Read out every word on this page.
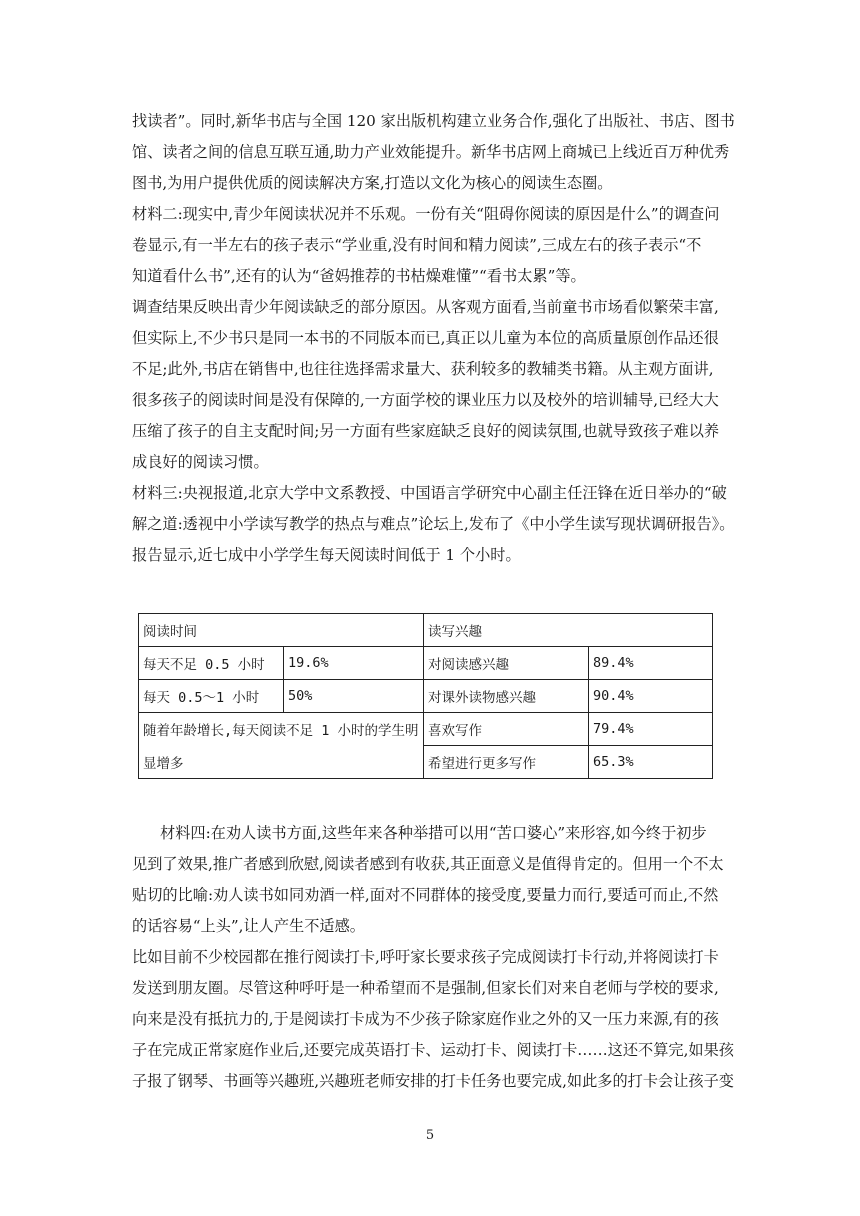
找读者”。同时,新华书店与全国 120 家出版机构建立业务合作,强化了出版社、书店、图书

馆、读者之间的信息互联互通,助力产业效能提升。新华书店网上商城已上线近百万种优秀

图书,为用户提供优质的阅读解决方案,打造以文化为核心的阅读生态圈。

材料二:现实中,青少年阅读状况并不乐观。一份有关“阻碍你阅读的原因是什么”的调查问

卷显示,有一半左右的孩子表示“学业重,没有时间和精力阅读”,三成左右的孩子表示“不

知道看什么书”,还有的认为“爸妈推荐的书枯燥难懂”“看书太累”等。

调查结果反映出青少年阅读缺乏的部分原因。从客观方面看,当前童书市场看似繁荣丰富,

但实际上,不少书只是同一本书的不同版本而已,真正以儿童为本位的高质量原创作品还很

不足;此外,书店在销售中,也往往选择需求量大、获利较多的教辅类书籍。从主观方面讲,

很多孩子的阅读时间是没有保障的,一方面学校的课业压力以及校外的培训辅导,已经大大

压缩了孩子的自主支配时间;另一方面有些家庭缺乏良好的阅读氛围,也就导致孩子难以养

成良好的阅读习惯。

材料三:央视报道,北京大学中文系教授、中国语言学研究中心副主任汪锋在近日举办的“破

解之道:透视中小学读写教学的热点与难点”论坛上,发布了《中小学生读写现状调研报告》。

报告显示,近七成中小学学生每天阅读时间低于 1 个小时。

阅读时间		读写兴趣	
每天不足 0.5 小时	19.6%	对阅读感兴趣	89.4%
每天 0.5～1 小时	50%	对课外读物感兴趣	90.4%
随着年龄增长,每天阅读不足 1 小时的学生明		喜欢写作	79.4%
显增多		希望进行更多写作	65.3%

材料四:在劝人读书方面,这些年来各种举措可以用“苦口婆心”来形容,如今终于初步

见到了效果,推广者感到欣慰,阅读者感到有收获,其正面意义是值得肯定的。但用一个不太

贴切的比喻:劝人读书如同劝酒一样,面对不同群体的接受度,要量力而行,要适可而止,不然

的话容易“上头”,让人产生不适感。

比如目前不少校园都在推行阅读打卡,呼吁家长要求孩子完成阅读打卡行动,并将阅读打卡

发送到朋友圈。尽管这种呼吁是一种希望而不是强制,但家长们对来自老师与学校的要求,

向来是没有抵抗力的,于是阅读打卡成为不少孩子除家庭作业之外的又一压力来源,有的孩

子在完成正常家庭作业后,还要完成英语打卡、运动打卡、阅读打卡……这还不算完,如果孩

子报了钢琴、书画等兴趣班,兴趣班老师安排的打卡任务也要完成,如此多的打卡会让孩子变

5
